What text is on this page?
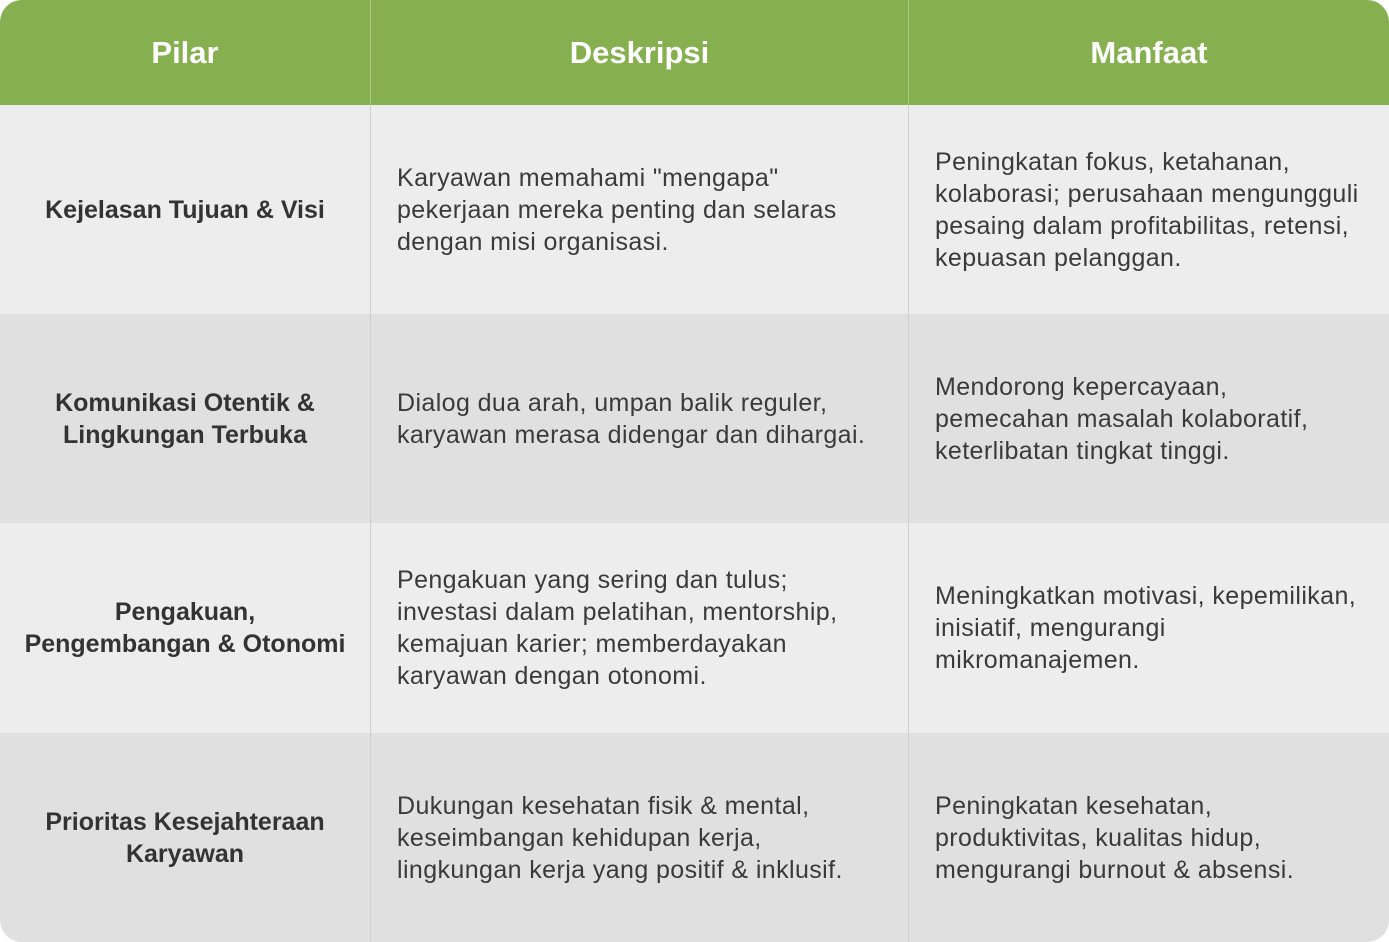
Pilar	Deskripsi	Manfaat
Kejelasan Tujuan & Visi
Karyawan memahami "mengapa" pekerjaan mereka penting dan selaras dengan misi organisasi.
Peningkatan fokus, ketahanan, kolaborasi; perusahaan mengungguli pesaing dalam profitabilitas, retensi, kepuasan pelanggan.
Komunikasi Otentik & Lingkungan Terbuka
Dialog dua arah, umpan balik reguler, karyawan merasa didengar dan dihargai.
Mendorong kepercayaan, pemecahan masalah kolaboratif, keterlibatan tingkat tinggi.
Pengakuan, Pengembangan & Otonomi
Pengakuan yang sering dan tulus; investasi dalam pelatihan, mentorship, kemajuan karier; memberdayakan karyawan dengan otonomi.
Meningkatkan motivasi, kepemilikan, inisiatif, mengurangi mikromanajemen.
Prioritas Kesejahteraan Karyawan
Dukungan kesehatan fisik & mental, keseimbangan kehidupan kerja, lingkungan kerja yang positif & inklusif.
Peningkatan kesehatan, produktivitas, kualitas hidup, mengurangi burnout & absensi.
